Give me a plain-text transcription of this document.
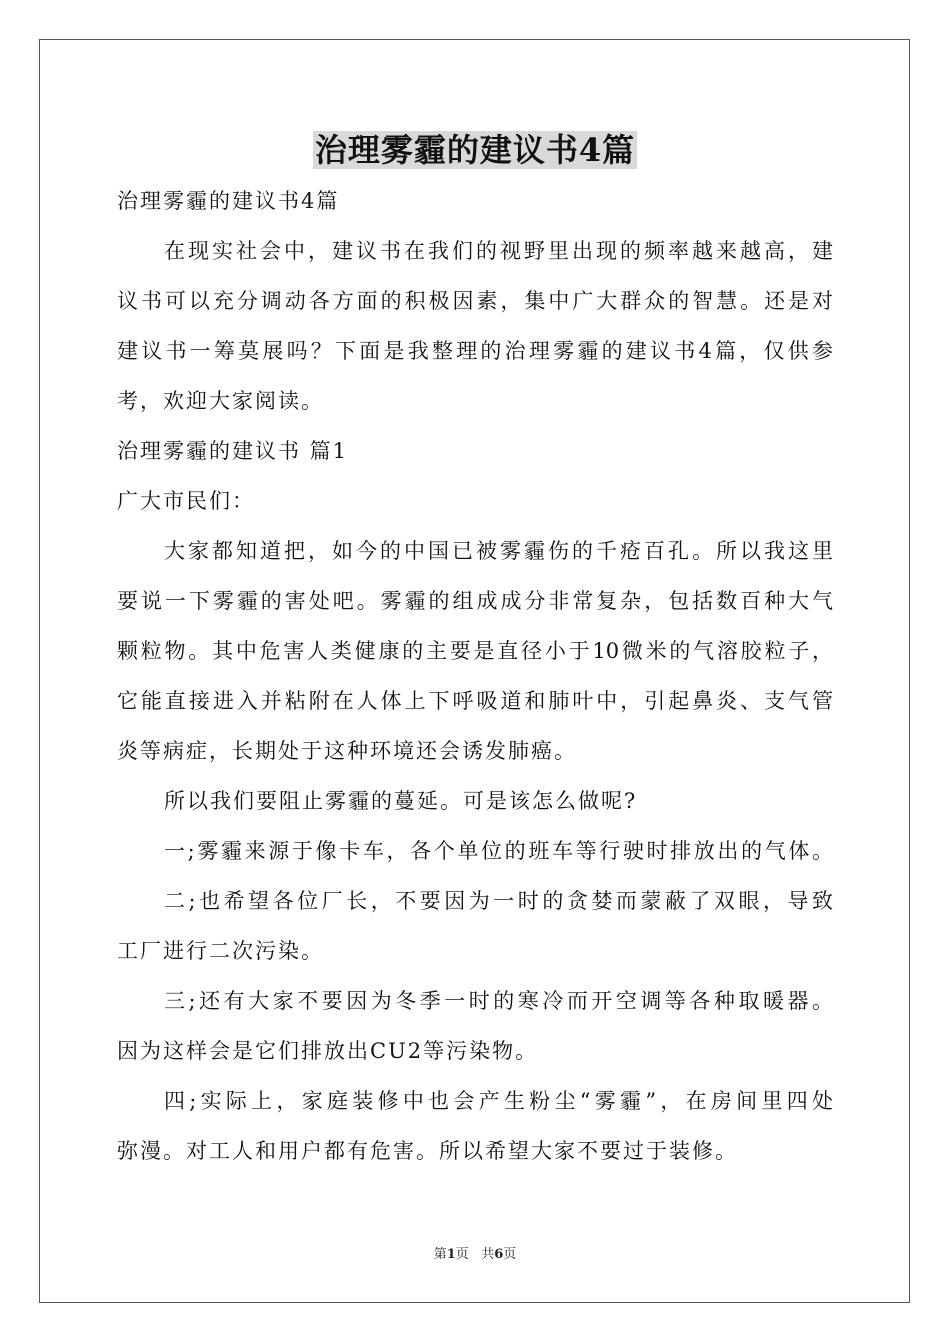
治理雾霾的建议书4篇

治理雾霾的建议书4篇

在现实社会中，建议书在我们的视野里出现的频率越来越高，建

议书可以充分调动各方面的积极因素，集中广大群众的智慧。还是对

建议书一筹莫展吗？下面是我整理的治理雾霾的建议书4篇，仅供参

考，欢迎大家阅读。

治理雾霾的建议书 篇1

广大市民们：

大家都知道把，如今的中国已被雾霾伤的千疮百孔。所以我这里

要说一下雾霾的害处吧。雾霾的组成成分非常复杂，包括数百种大气

颗粒物。其中危害人类健康的主要是直径小于10微米的气溶胶粒子，

它能直接进入并粘附在人体上下呼吸道和肺叶中，引起鼻炎、支气管

炎等病症，长期处于这种环境还会诱发肺癌。

所以我们要阻止雾霾的蔓延。可是该怎么做呢?

一;雾霾来源于像卡车，各个单位的班车等行驶时排放出的气体。

二;也希望各位厂长，不要因为一时的贪婪而蒙蔽了双眼，导致

工厂进行二次污染。

三;还有大家不要因为冬季一时的寒冷而开空调等各种取暖器。

因为这样会是它们排放出CU2等污染物。

四;实际上，家庭装修中也会产生粉尘“雾霾”，在房间里四处

弥漫。对工人和用户都有危害。所以希望大家不要过于装修。

第1页 共6页
